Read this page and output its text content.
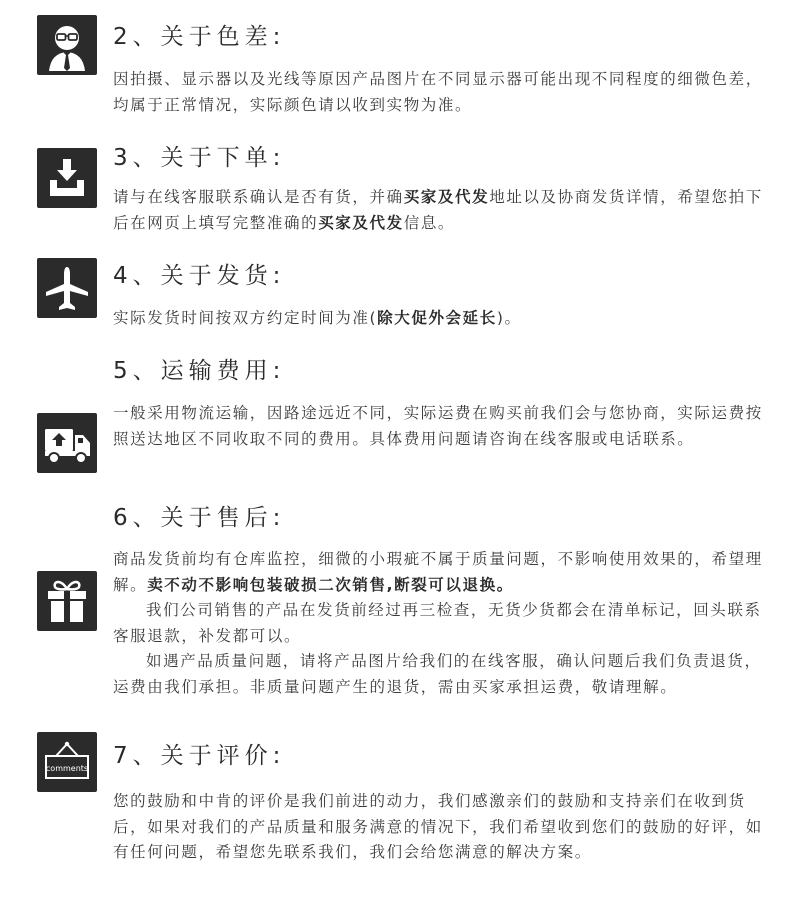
2、关于色差:

因拍摄、显示器以及光线等原因产品图片在不同显示器可能出现不同程度的细微色差，均属于正常情况，实际颜色请以收到实物为准。

3、关于下单:

请与在线客服联系确认是否有货，并确买家及代发地址以及协商发货详情，希望您拍下后在网页上填写完整准确的买家及代发信息。

4、关于发货:

实际发货时间按双方约定时间为准(除大促外会延长)。

5、运输费用:

一般采用物流运输，因路途远近不同，实际运费在购买前我们会与您协商，实际运费按照送达地区不同收取不同的费用。具体费用问题请咨询在线客服或电话联系。

6、关于售后:

商品发货前均有仓库监控，细微的小瑕疵不属于质量问题，不影响使用效果的，希望理解。卖不动不影响包装破损二次销售,断裂可以退换。

我们公司销售的产品在发货前经过再三检查，无货少货都会在清单标记，回头联系客服退款，补发都可以。

如遇产品质量问题，请将产品图片给我们的在线客服，确认问题后我们负责退货，运费由我们承担。非质量问题产生的退货，需由买家承担运费，敬请理解。

comments 7、关于评价:

您的鼓励和中肯的评价是我们前进的动力，我们感激亲们的鼓励和支持亲们在收到货后，如果对我们的产品质量和服务满意的情况下，我们希望收到您们的鼓励的好评，如有任何问题，希望您先联系我们，我们会给您满意的解决方案。
